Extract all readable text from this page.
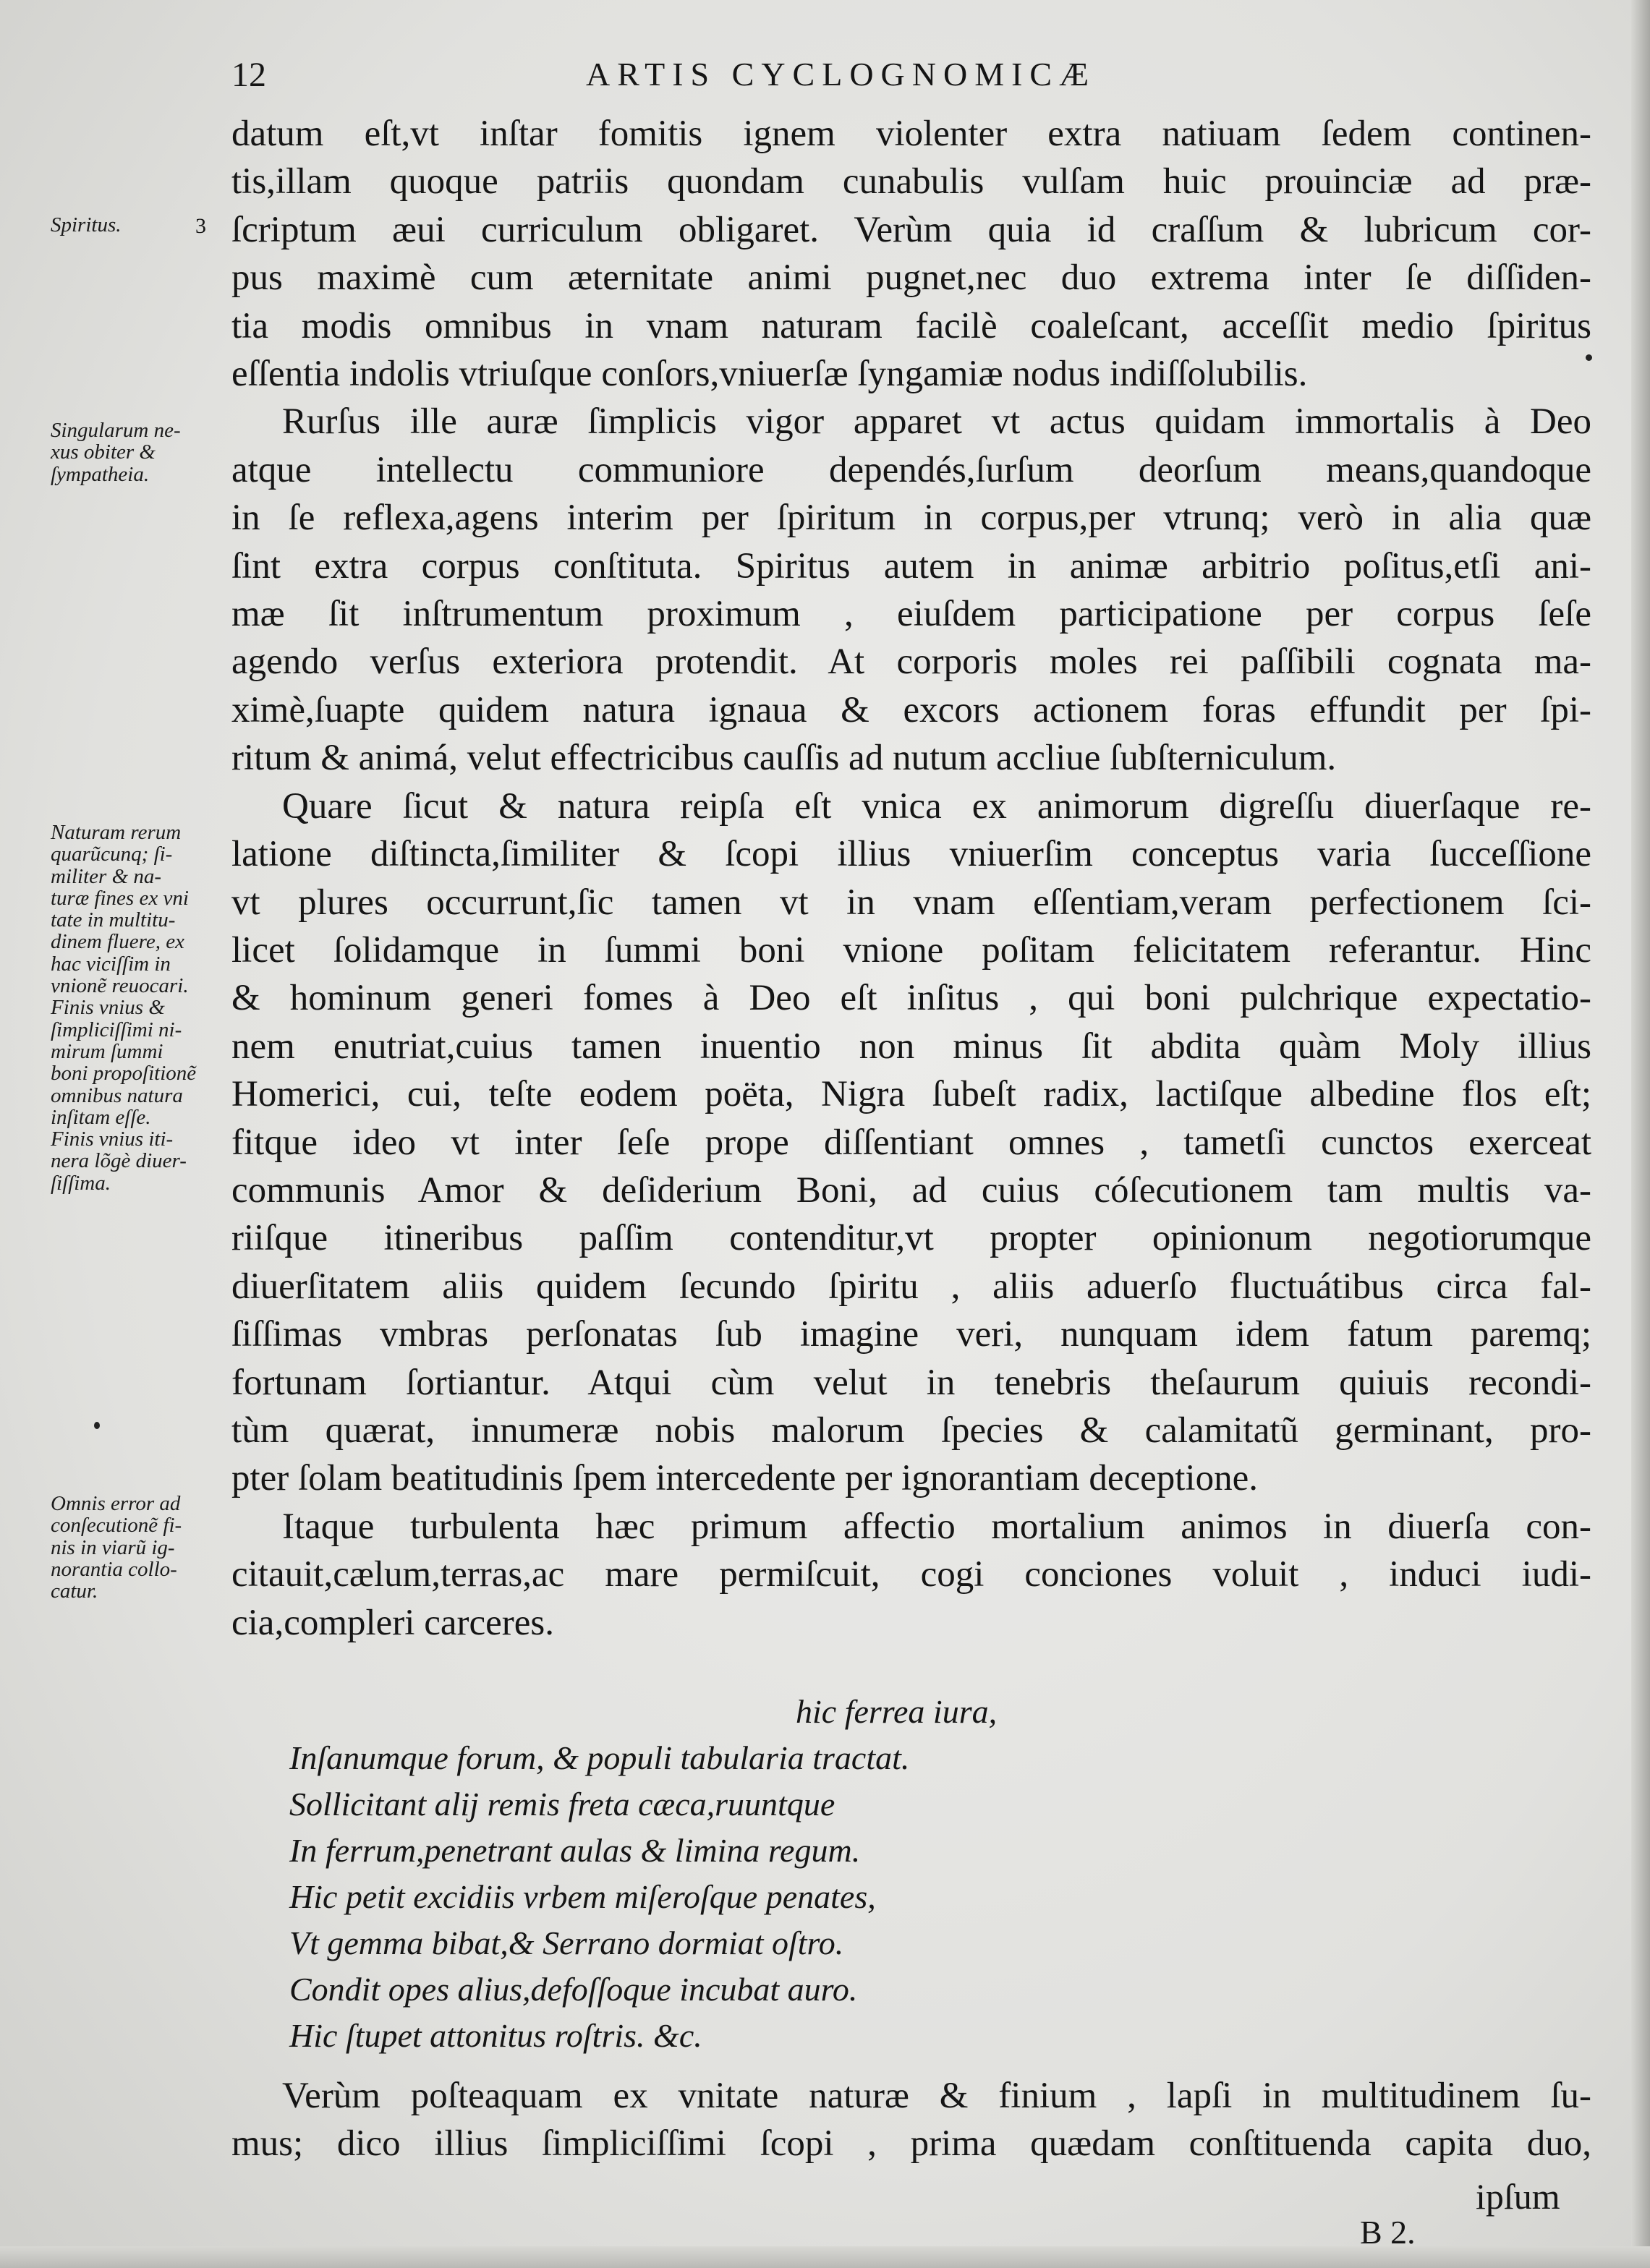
12	ARTIS CYCLOGNOMICÆ
datum eſt,vt inſtar fomitis ignem violenter extra natiuam ſedem continen-
tis,illam quoque patriis quondam cunabulis vulſam huic prouinciæ ad præ-
ſcriptum æui curriculum obligaret. Verùm quia id craſſum & lubricum cor-
pus maximè cum æternitate animi pugnet,nec duo extrema inter ſe diſſiden-
tia modis omnibus in vnam naturam facilè coaleſcant, acceſſit medio ſpiritus
eſſentia indolis vtriuſque conſors,vniuerſæ ſyngamiæ nodus indiſſolubilis.
Rurſus ille auræ ſimplicis vigor apparet vt actus quidam immortalis à Deo
atque intellectu communiore dependés,ſurſum deorſum means,quandoque
in ſe reflexa,agens interim per ſpiritum in corpus,per vtrunq; verò in alia quæ
ſint extra corpus conſtituta. Spiritus autem in animæ arbitrio poſitus,etſi ani-
mæ ſit inſtrumentum proximum , eiuſdem participatione per corpus ſeſe
agendo verſus exteriora protendit. At corporis moles rei paſſibili cognata ma-
ximè,ſuapte quidem natura ignaua & excors actionem foras effundit per ſpi-
ritum & animá, velut effectricibus cauſſis ad nutum accliue ſubſterniculum.
Quare ſicut & natura reipſa eſt vnica ex animorum digreſſu diuerſaque re-
latione diſtincta,ſimiliter & ſcopi illius vniuerſim conceptus varia ſucceſſione
vt plures occurrunt,ſic tamen vt in vnam eſſentiam,veram perfectionem ſci-
licet ſolidamque in ſummi boni vnione poſitam felicitatem referantur. Hinc
& hominum generi fomes à Deo eſt inſitus , qui boni pulchrique expectatio-
nem enutriat,cuius tamen inuentio non minus ſit abdita quàm Moly illius
Homerici, cui, teſte eodem poëta, Nigra ſubeſt radix, lactiſque albedine flos eſt;
fitque ideo vt inter ſeſe prope diſſentiant omnes , tametſi cunctos exerceat
communis Amor & deſiderium Boni, ad cuius cóſecutionem tam multis va-
riiſque itineribus paſſim contenditur,vt propter opinionum negotiorumque
diuerſitatem aliis quidem ſecundo ſpiritu , aliis aduerſo fluctuátibus circa fal-
ſiſſimas vmbras perſonatas ſub imagine veri, nunquam idem fatum paremq;
fortunam ſortiantur. Atqui cùm velut in tenebris theſaurum quiuis recondi-
tùm quærat, innumeræ nobis malorum ſpecies & calamitatũ germinant, pro-
pter ſolam beatitudinis ſpem intercedente per ignorantiam deceptione.
Itaque turbulenta hæc primum affectio mortalium animos in diuerſa con-
citauit,cælum,terras,ac mare permiſcuit, cogi conciones voluit , induci iudi-
cia,compleri carceres.
Spiritus.	3
Singularum ne-
xus obiter &
ſympatheia.
Naturam rerum
quarũcunq; ſi-
militer & na-
turæ fines ex vni
tate in multitu-
dinem fluere, ex
hac viciſſim in
vnionẽ reuocari.
Finis vnius &
ſimpliciſſimi ni-
mirum ſummi
boni propoſitionẽ
omnibus natura
inſitam eſſe.
Finis vnius iti-
nera lõgè diuer-
ſiſſima.
Omnis error ad
conſecutionẽ fi-
nis in viarũ ig-
norantia collo-
catur.
hic ferrea iura,
Inſanumque forum, & populi tabularia tractat.
Sollicitant alij remis freta cæca,ruuntque
In ferrum,penetrant aulas & limina regum.
Hic petit excidiis vrbem miſeroſque penates,
Vt gemma bibat,& Serrano dormiat oſtro.
Condit opes alius,defoſſoque incubat auro.
Hic ſtupet attonitus roſtris. &c.
Verùm poſteaquam ex vnitate naturæ & finium , lapſi in multitudinem ſu-
mus; dico illius ſimpliciſſimi ſcopi , prima quædam conſtituenda capita duo,
ipſum
B 2.
